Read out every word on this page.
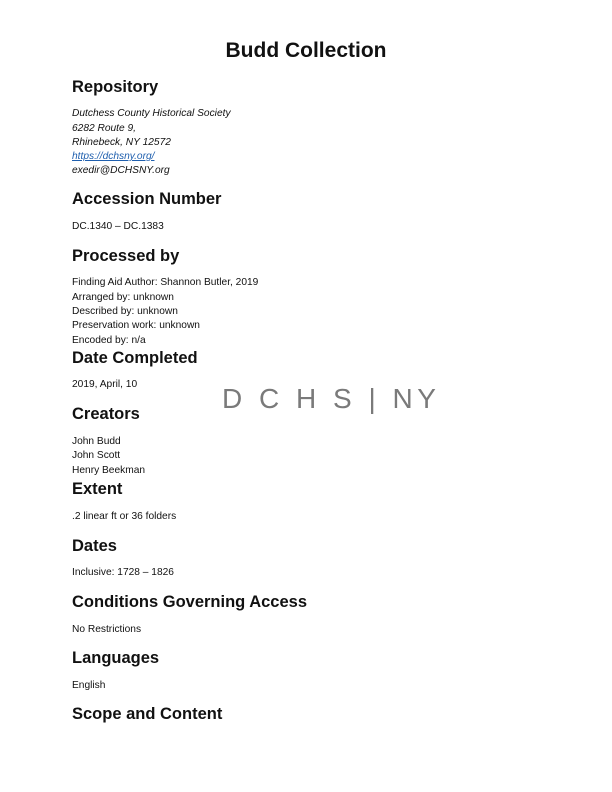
Budd Collection
Repository
Dutchess County Historical Society
6282 Route 9,
Rhinebeck, NY 12572
https://dchsny.org/
exedir@DCHSNY.org
Accession Number
DC.1340 – DC.1383
Processed by
Finding Aid Author: Shannon Butler, 2019
Arranged by: unknown
Described by: unknown
Preservation work: unknown
Encoded by: n/a
Date Completed
2019, April, 10	D C H S | NY
Creators
John Budd
John Scott
Henry Beekman
Extent
.2 linear ft or 36 folders
Dates
Inclusive: 1728 – 1826
Conditions Governing Access
No Restrictions
Languages
English
Scope and Content
